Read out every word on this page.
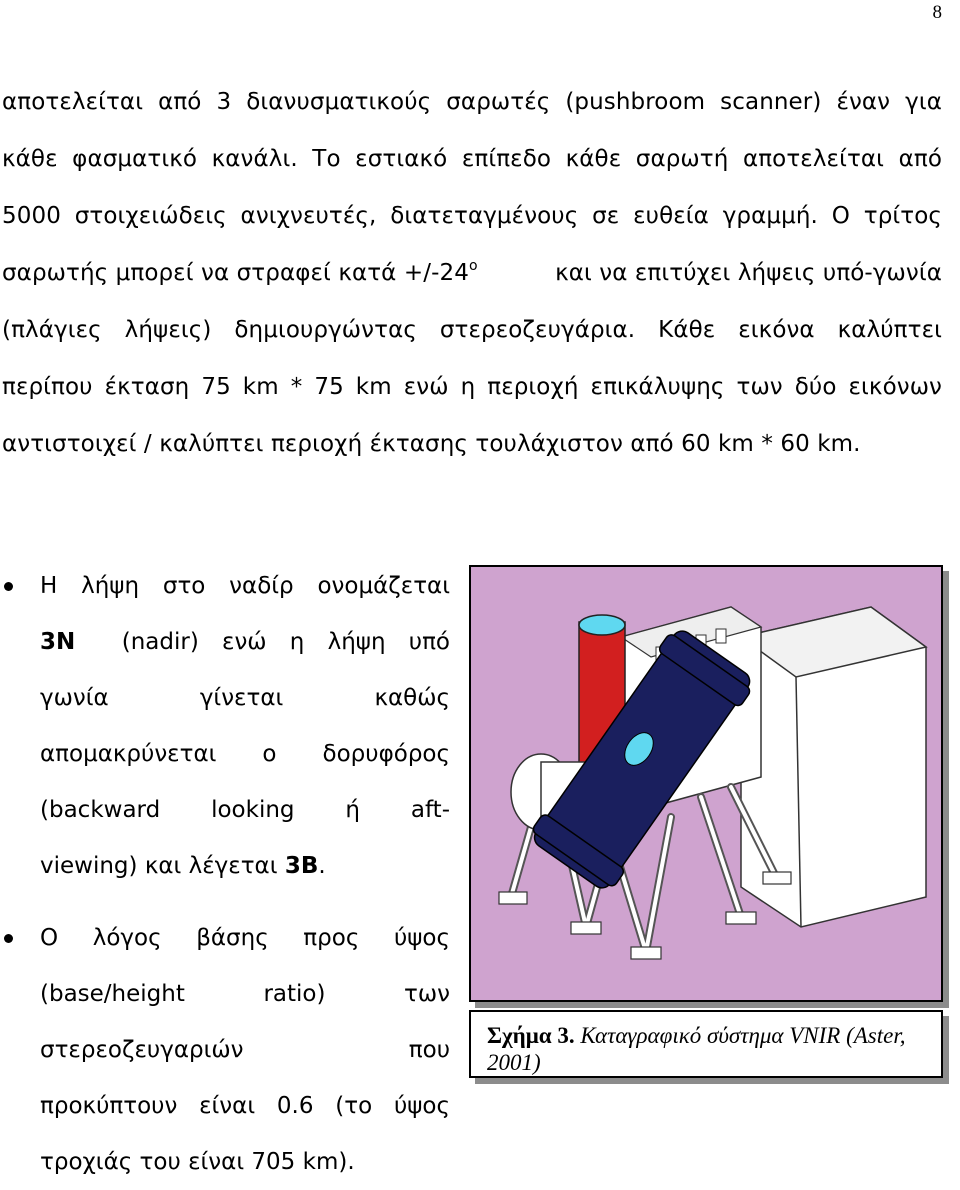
8
αποτελείται από 3 διανυσματικούς σαρωτές (pushbroom scanner) έναν για
κάθε φασματικό κανάλι. Το εστιακό επίπεδο κάθε σαρωτή αποτελείται από
5000 στοιχειώδεις ανιχνευτές, διατεταγμένους σε ευθεία γραμμή. Ο τρίτος
σαρωτής μπορεί να στραφεί $\kappa\alpha\tau ά +/-24^o$	και να επιτύχει λήψεις υπό-γωνία
(πλάγιες λήψεις) δημιουργώντας στερεοζευγάρια. Κάθε εικόνα καλύπτει
περίπου έκταση 75 km * 75 km ενώ η περιοχή επικάλυψης των δύο εικόνων
αντιστοιχεί / καλύπτει περιοχή έκτασης τουλάχιστον από 60 km * 60 km.
Η λήψη στο ναδίρ ονομάζεται
3N (nadir) ενώ η λήψη υπό
γωνία γίνεται καθώς
απομακρύνεται ο δορυφόρος
(backward looking ή aft-
viewing) και λέγεται 3B.
Ο λόγος βάσης προς ύψος
(base/height ratio) των
στερεοζευγαριών που
προκύπτουν είναι 0.6 (το ύψος
τροχιάς του είναι 705 km).
Σχήμα 3. Καταγραφικό σύστημα VNIR (Aster, 2001)
